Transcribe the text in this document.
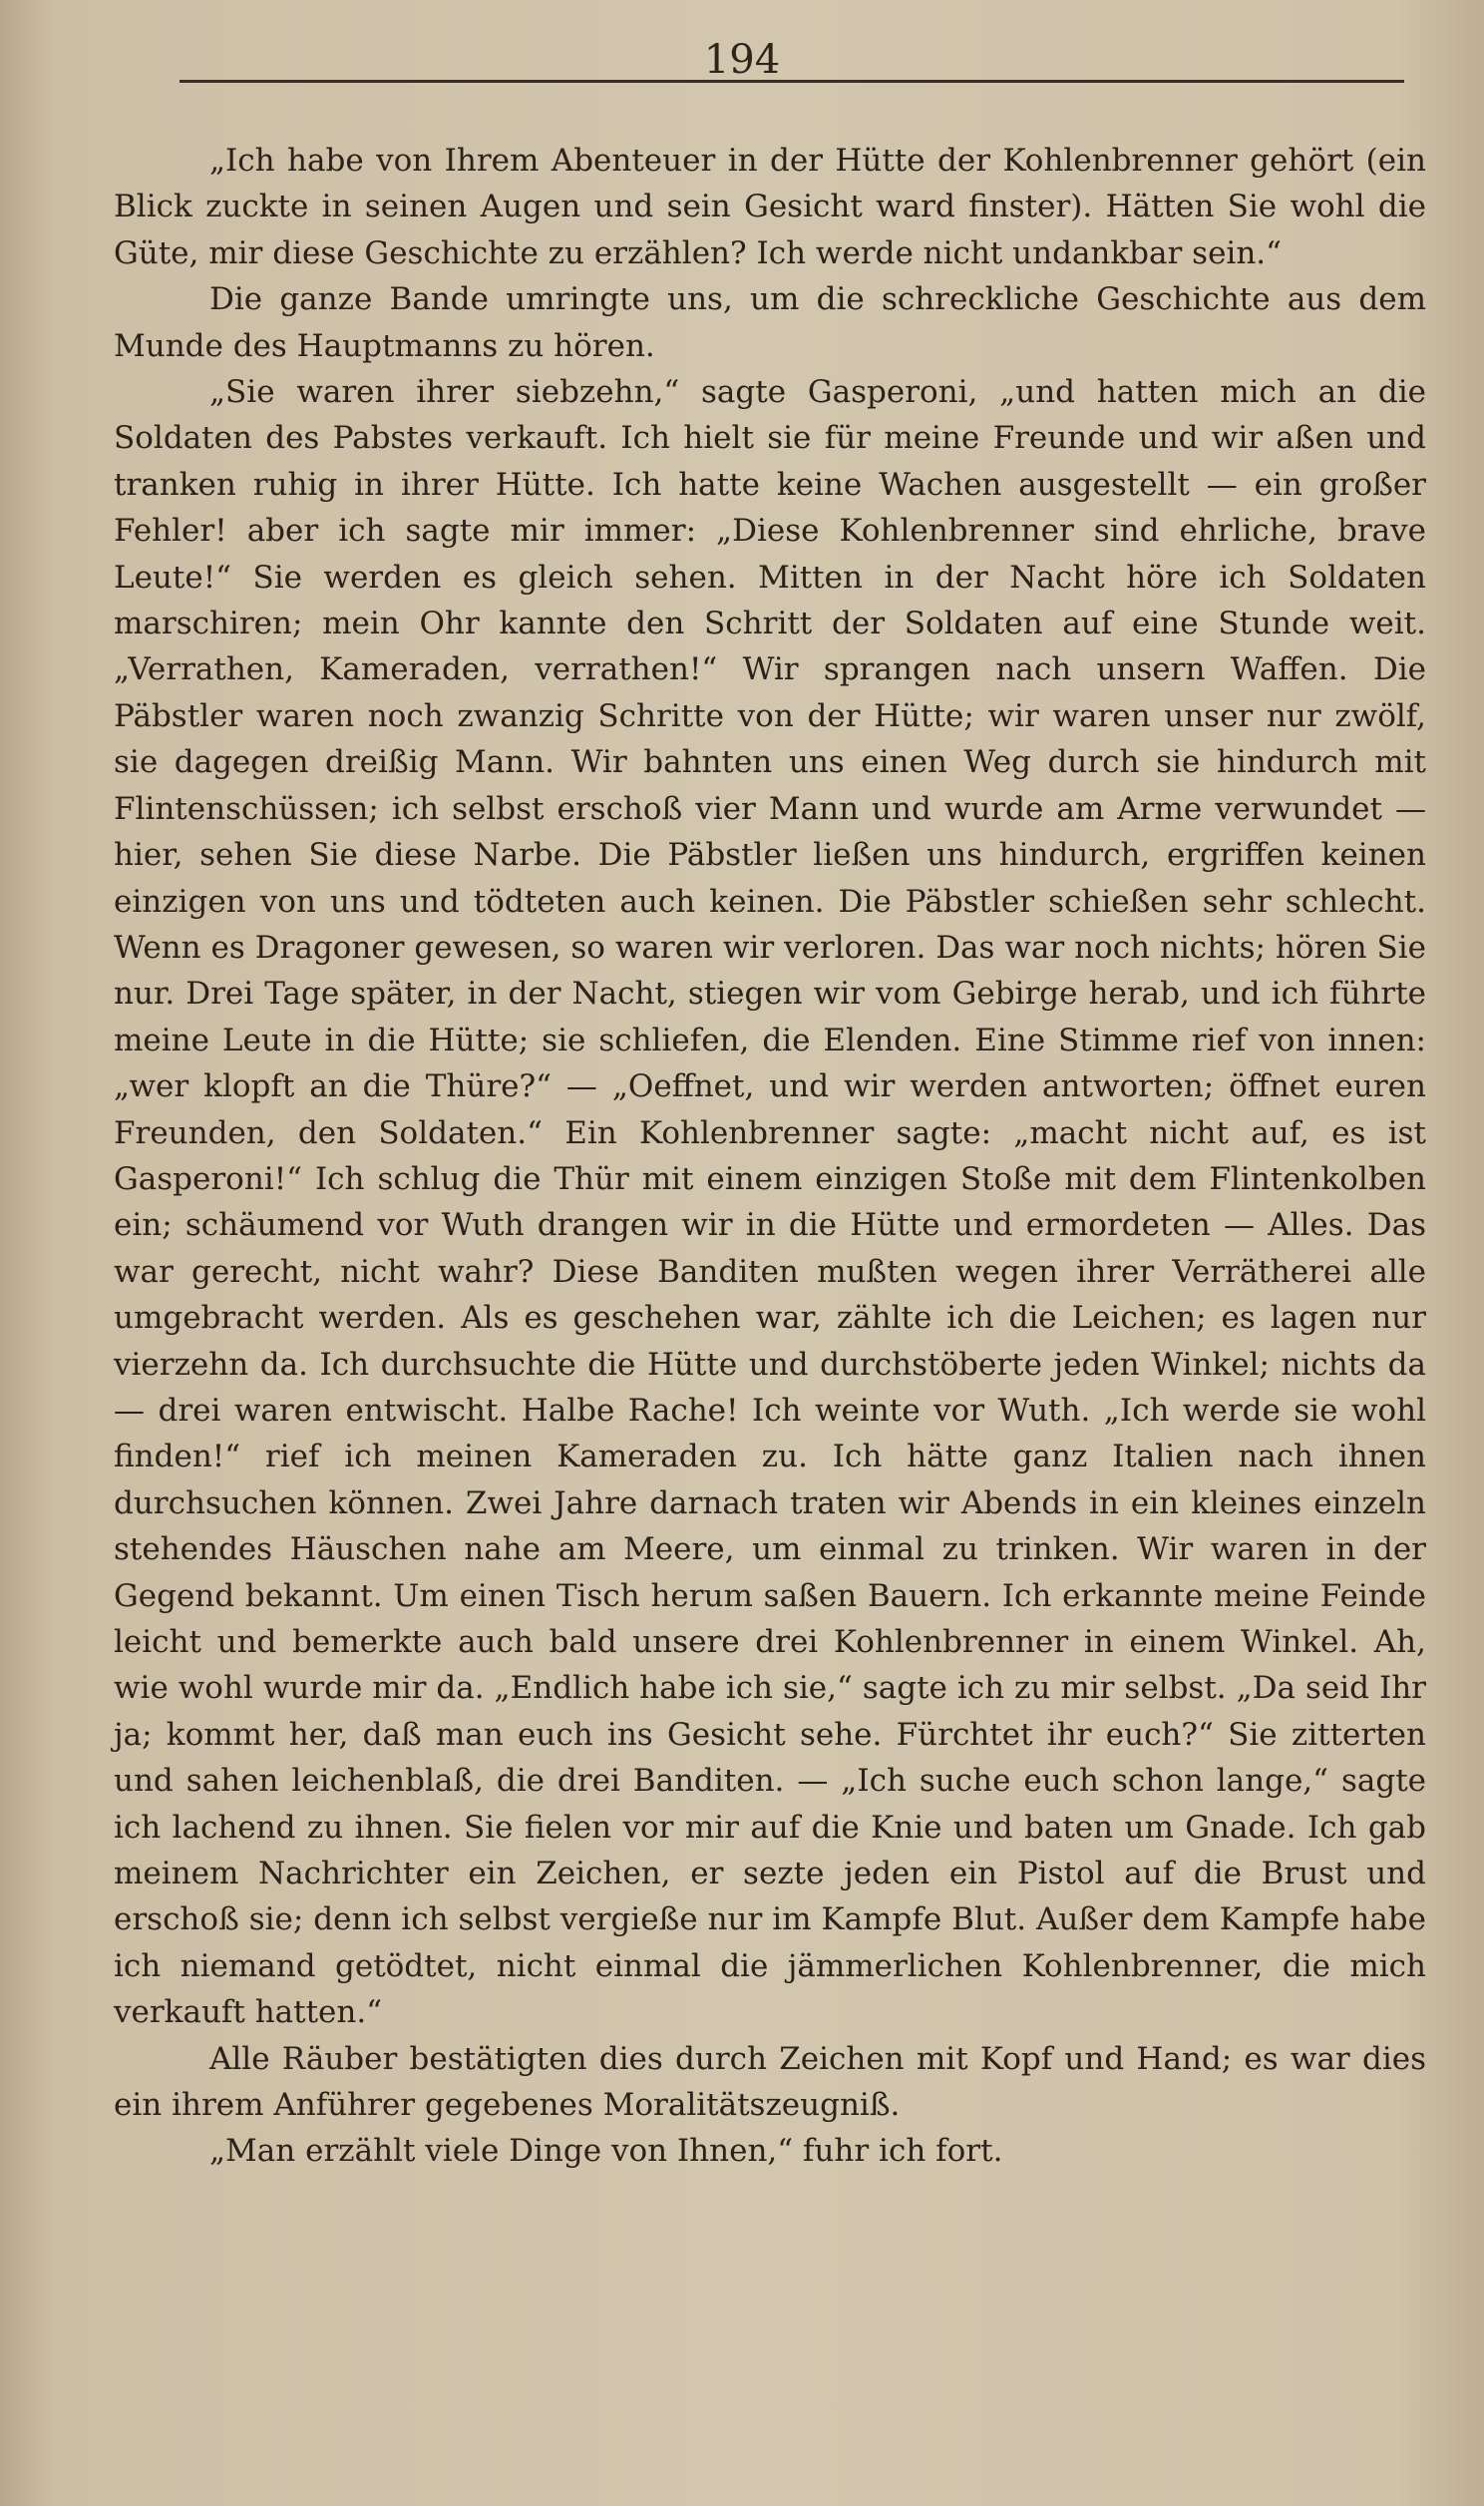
194

„Ich habe von Ihrem Abenteuer in der Hütte der Kohlenbrenner gehört (ein Blick zuckte in seinen Augen und sein Gesicht ward finster). Hätten Sie wohl die Güte, mir diese Geschichte zu erzählen? Ich werde nicht undankbar sein.“

Die ganze Bande umringte uns, um die schreckliche Geschichte aus dem Munde des Hauptmanns zu hören.

„Sie waren ihrer siebzehn,“ sagte Gasperoni, „und hatten mich an die Soldaten des Pabstes verkauft. Ich hielt sie für meine Freunde und wir aßen und tranken ruhig in ihrer Hütte. Ich hatte keine Wachen ausgestellt — ein großer Fehler! aber ich sagte mir immer: „Diese Kohlenbrenner sind ehrliche, brave Leute!“ Sie werden es gleich sehen. Mitten in der Nacht höre ich Soldaten marschiren; mein Ohr kannte den Schritt der Soldaten auf eine Stunde weit. „Verrathen, Kameraden, verrathen!“ Wir sprangen nach unsern Waffen. Die Päbstler waren noch zwanzig Schritte von der Hütte; wir waren unser nur zwölf, sie dagegen dreißig Mann. Wir bahnten uns einen Weg durch sie hindurch mit Flintenschüssen; ich selbst erschoß vier Mann und wurde am Arme verwundet — hier, sehen Sie diese Narbe. Die Päbstler ließen uns hindurch, ergriffen keinen einzigen von uns und tödteten auch keinen. Die Päbstler schießen sehr schlecht. Wenn es Dragoner gewesen, so waren wir verloren. Das war noch nichts; hören Sie nur. Drei Tage später, in der Nacht, stiegen wir vom Gebirge herab, und ich führte meine Leute in die Hütte; sie schliefen, die Elenden. Eine Stimme rief von innen: „wer klopft an die Thüre?“ — „Oeffnet, und wir werden antworten; öffnet euren Freunden, den Soldaten.“ Ein Kohlenbrenner sagte: „macht nicht auf, es ist Gasperoni!“ Ich schlug die Thür mit einem einzigen Stoße mit dem Flintenkolben ein; schäumend vor Wuth drangen wir in die Hütte und ermordeten — Alles. Das war gerecht, nicht wahr? Diese Banditen mußten wegen ihrer Verrätherei alle umgebracht werden. Als es geschehen war, zählte ich die Leichen; es lagen nur vierzehn da. Ich durchsuchte die Hütte und durchstöberte jeden Winkel; nichts da — drei waren entwischt. Halbe Rache! Ich weinte vor Wuth. „Ich werde sie wohl finden!“ rief ich meinen Kameraden zu. Ich hätte ganz Italien nach ihnen durchsuchen können. Zwei Jahre darnach traten wir Abends in ein kleines einzeln stehendes Häuschen nahe am Meere, um einmal zu trinken. Wir waren in der Gegend bekannt. Um einen Tisch herum saßen Bauern. Ich erkannte meine Feinde leicht und bemerkte auch bald unsere drei Kohlenbrenner in einem Winkel. Ah, wie wohl wurde mir da. „Endlich habe ich sie,“ sagte ich zu mir selbst. „Da seid Ihr ja; kommt her, daß man euch ins Gesicht sehe. Fürchtet ihr euch?“ Sie zitterten und sahen leichenblaß, die drei Banditen. — „Ich suche euch schon lange,“ sagte ich lachend zu ihnen. Sie fielen vor mir auf die Knie und baten um Gnade. Ich gab meinem Nachrichter ein Zeichen, er sezte jeden ein Pistol auf die Brust und erschoß sie; denn ich selbst vergieße nur im Kampfe Blut. Außer dem Kampfe habe ich niemand getödtet, nicht einmal die jämmerlichen Kohlenbrenner, die mich verkauft hatten.“

Alle Räuber bestätigten dies durch Zeichen mit Kopf und Hand; es war dies ein ihrem Anführer gegebenes Moralitätszeugniß.

„Man erzählt viele Dinge von Ihnen,“ fuhr ich fort.
